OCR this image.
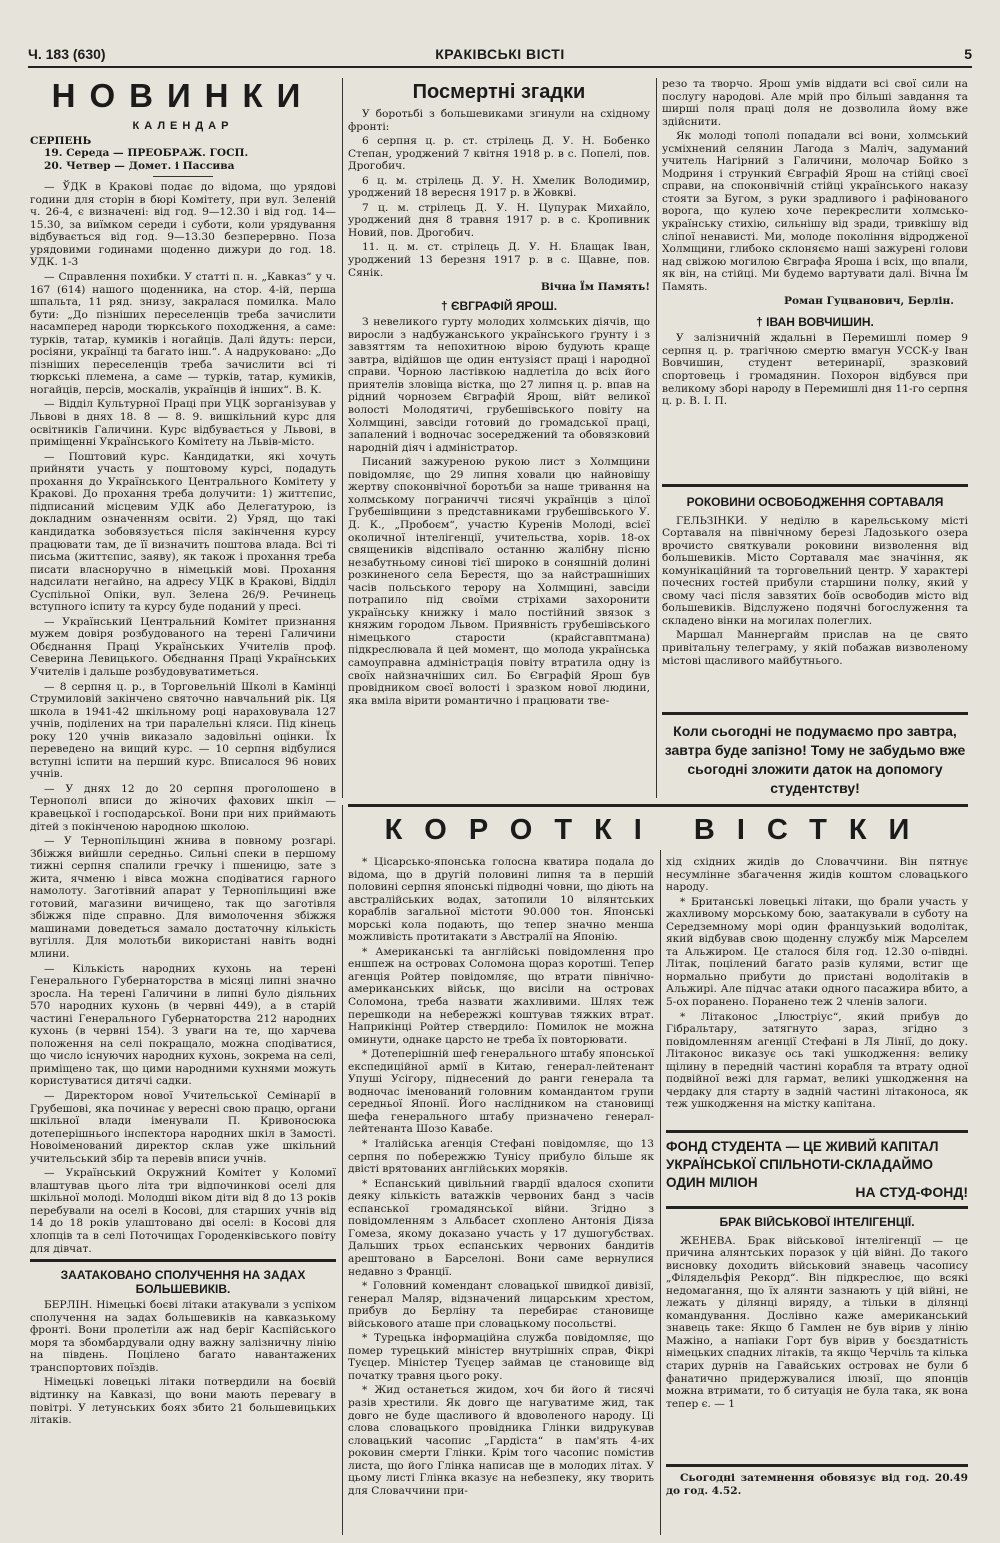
Ч. 183 (630)	КРАКІВСЬКІ ВІСТІ	5
НОВИНКИ
КАЛЕНДАР
СЕРПЕНЬ
19. Середа — ПРЕОБРАЖ. ГОСП.
20. Четвер — Домет. і Пассива

— ЎДК в Кракові подає до відома, що урядові години для сторін в бюрі Комітету, при вул. Зеленій ч. 26-4, є визначені: від год. 9—12.30 і від год. 14—15.30, за виїмком середи і суботи, коли урядування відбувається від год. 9—13.30 безперервно. Поза урядовими годинами щоденно дижури до год. 18. УДК. 1-3

— Справлення похибки. У статті п. н. „Кавказ“ у ч. 167 (614) нашого щоденника, на стор. 4-ій, перша шпальта, 11 ряд. знизу, закралася помилка. Мало бути: „До пізніших переселенців треба зачислити насамперед народи тюркського походження, а саме: турків, татар, кумиків і ногайців. Далі йдуть: перси, росіяни, українці та багато інш.“. А надруковано: „До пізніших переселенців треба зачислити всі ті тюркські племена, а саме — турків, татар, кумиків, ногайців, персів, москалів, українців й інших“. В. К.

— Відділ Культурної Праці при УЦК зорганізував у Львові в днях 18. 8 — 8. 9. вишкільний курс для освітників Галичини. Курс відбувається у Львові, в приміщенні Українського Комітету на Львів-місто.

— Поштовий курс. Кандидатки, які хочуть прийняти участь у поштовому курсі, подадуть прохання до Українського Центрального Комітету у Кракові. До прохання треба долучити: 1) життєпис, підписаний місцевим УДК або Делегатурою, із докладним означенням освіти. 2) Уряд, що такі кандидатка зобовязується після закінчення курсу працювати там, де її визначить поштова влада. Всі ті письма (життєпис, заяву), як також і прохання треба писати власноручно в німецькій мові. Прохання надсилати негайно, на адресу УЦК в Кракові, Відділ Суспільної Опіки, вул. Зелена 26/9. Речинець вступного іспиту та курсу буде поданий у пресі.

— Український Центральний Комітет признання мужем довіря розбудованого на терені Галичини Обєднання Праці Українських Учителів проф. Северина Левицького. Обєднання Праці Українських Учителів і дальше розбудовуватиметься.

— 8 серпня ц. р., в Торговельній Школі в Камінці Струмиловій закінчено святочно навчальний рік. Ця школа в 1941-42 шкільному році нараховувала 127 учнів, поділених на три паралельні кляси. Під кінець року 120 учнів виказало задовільні оцінки. Їх переведено на вищий курс. — 10 серпня відбулися вступні іспити на перший курс. Вписалося 96 нових учнів.

— У днях 12 до 20 серпня проголошено в Тернополі вписи до жіночих фахових шкіл — кравецької і господарської. Вони при них приймають дітей з покінченою народною школою.

— У Тернопільщині жнива в повному розгарі. Збіжжя вийшли середньо. Сильні спеки в першому тижні серпня спалили гречку і пшеницю, зате з жита, ячменю і вівса можна сподіватися гарного намолоту. Заготівний апарат у Тернопільщині вже готовий, магазини вичищено, так що заготівля збіжжя піде справно. Для вимолочення збіжжя машинами доведеться замало достаточну кількість вугілля. Для молотьби використані навіть водні млини.

— Кількість народних кухонь на терені Генерального Губернаторства в місяці липні значно зросла. На терені Галичини в липні було діяльних 570 народних кухонь (в червні 449), а в старій частині Генерального Губернаторства 212 народних кухонь (в червні 154). З уваги на те, що харчева положення на селі покращало, можна сподіватися, що число існуючих народних кухонь, зокрема на селі, приміщено так, що цими народними кухнями можуть користуватися дитячі садки.

— Директором нової Учительської Семінарії в Грубешові, яка починає у вересні свою працю, органи шкільної влади іменували П. Кривоносюка дотеперішнього інспектора народних шкіл в Замості. Новоіменований директор склав уже шкільний учительський збір та перевів вписи учнів.

— Український Окружний Комітет у Коломиї влаштував цього літа три відпочинкові оселі для шкільної молоді. Молодші віком діти від 8 до 13 років перебували на оселі в Косові, для старших учнів від 14 до 18 років улаштовано дві оселі: в Косові для хлопців та в селі Поточищах Городенківського повіту для дівчат.

ЗААТАКОВАНО СПОЛУЧЕННЯ НА ЗАДАХ
БОЛЬШЕВИКІВ.

БЕРЛІН. Німецькі боєві літаки атакували з успіхом сполучення на задах большевиків на кавказькому фронті. Вони пролетіли аж над беріг Каспійського моря та збомбардували одну важну залізничну лінію на південь. Поцілено багато навантажених транспортових поїздів.

Німецькі ловецькі літаки потвердили на боєвій відтинку на Кавказі, що вони мають перевагу в повітрі. У летунських боях збито 21 большевицьких літаків.

Посмертні згадки

У боротьбі з большевиками згинули на східному фронті:

6 серпня ц. р. ст. стрілець Д. У. Н. Бобенко Степан, уроджений 7 квітня 1918 р. в с. Попелі, пов. Дрогобич.

6 ц. м. стрілець Д. У. Н. Хмелик Володимир, уроджений 18 вересня 1917 р. в Жовкві.

7 ц. м. стрілець Д. У. Н. Цупурак Михайло, уроджений дня 8 травня 1917 р. в с. Кропивник Новий, пов. Дрогобич.

11. ц. м. ст. стрілець Д. У. Н. Блащак Іван, уроджений 13 березня 1917 р. в с. Щавне, пов. Сянік.

Вічна Їм Память!
† ЄВГРАФІЙ ЯРОШ.

З невеликого гурту молодих холмських діячів, що виросли з надбужанського українського ґрунту і з завзяттям та непохитною вірою будують краще завтра, відійшов ще один ентузіяст праці і народної справи. Чорною ластівкою надлетіла до всіх його приятелів зловіща вістка, що 27 липня ц. р. впав на рідний чорнозем Євграфій Ярош, війт великої волості Молодятичі, грубешівського повіту на Холмщині, завсіди готовий до громадської праці, запалений і водночас зосереджений та обовязковий народній діяч і адміністратор.

Писаний зажуреною рукою лист з Холмщини повідомляє, що 29 липня ховали цю найновішу жертву споконвічної боротьби за наше тривання на холмському пограниччі тисячі українців з цілої Грубешівщини з представниками грубешівського У. Д. К., „Пробоєм“, участю Куренів Молоді, всієї околичної інтелігенції, учительства, хорів. 18-ох священиків відспівало останню жалібну пісню незабутньому синові тієї широко в соняшній долині розкиненого села Берестя, що за найстрашніших часів польського терору на Холмщині, завсіди потрапило під своїми стріхами захоронити українську книжку і мало постійний звязок з княжим городом Львом. Приявність грубешівського німецького старости (крайсгавптмана) підкреслювала й цей момент, що молода українська самоуправна адміністрація повіту втратила одну із своїх найзначніших сил. Бо Євграфій Ярош був провідником своєї волості і зразком нової людини, яка вміла вірити романтично і працювати тве-

резо та творчо. Ярош умів віддати всі свої сили на послугу народові. Але мрій про більші завдання та ширші поля праці доля не дозволила йому вже здійснити.

Як молоді тополі попадали всі вони, холмський усміхнений селянин Лагода з Маліч, задуманий учитель Нагірний з Галичини, молочар Бойко з Модриня і стрункий Євграфій Ярош на стійці своєї справи, на споконвічній стійці українського наказу стояти за Бугом, з руки зрадливого і рафінованого ворога, що кулею хоче перекреслити холмсько-українську стихію, сильнішу від зради, тривкішу від сліпої ненависті. Ми, молоде покоління відродженої Холмщини, глибоко склоняємо наші зажурені голови над свіжою могилою Євграфа Яроша і всіх, що впали, як він, на стійці. Ми будемо вартувати далі. Вічна Їм Память.

Роман Гуцванович, Берлін.
† ІВАН ВОВЧИШИН.

У залізничній ждальні в Перемишлі помер 9 серпня ц. р. трагічною смертю вмагун УССК-у Іван Вовчишин, студент ветеринарії, зразковий спортовець і громадянин. Похорон відбувся при великому зборі народу в Перемишлі дня 11-го серпня ц. р. В. І. П.

РОКОВИНИ ОСВОБОДЖЕННЯ СОРТАВАЛЯ

ГЕЛЬЗІНКИ. У неділю в карельському місті Сортаваля на північному березі Ладозького озера врочисто святкували роковини визволення від большевиків. Місто Сортаваля має значіння, як комунікаційний та торговельний центр. У характері почесних гостей прибули старшини полку, який у свому часі після завзятих боїв освободив місто від большевиків. Відслужено подячні богослуження та складено вінки на могилах полеглих.

Маршал Маннергайм прислав на це свято привітальну телеграму, у якій побажав визволеному містові щасливого майбутнього.

Коли сьогодні не подумаємо про завтра, завтра буде запізно! Тому не забудьмо вже сьогодні зложити даток на допомогу студентству!
КОРОТКІ ВІСТКИ

* Цісарсько-японська голосна кватира подала до відома, що в другій половині липня та в першій половині серпня японські підводні човни, що діють на австралійських водах, затопили 10 вілянтських кораблів загальної містоти 90.000 тон. Японські морські кола подають, що тепер значно менша можливість протитакати з Австралії на Японію.

* Американські та англійські повідомлення про еншпеж на островах Соломона щораз коротші. Тепер агенція Ройтер повідомляє, що втрати північно-американських військ, що висіли на островах Соломона, треба назвати жахливими. Шлях теж перешкоди на небережжі коштував тяжких втрат. Наприкінці Ройтер ствердило: Помилок не можна оминути, однаке царсто не треба їх повторювати.

* Дотеперішній шеф генерального штабу японської експедиційної армії в Китаю, генерал-лейтенант Упуші Усігору, піднесений до ранги генерала та водночас іменований головним командантом групи середньої Японії. Його наслідником на становищі шефа генерального штабу призначено генерал-лейтенанта Шозо Кавабе.

* Італійська агенція Стефані повідомляє, що 13 серпня по побережжю Тунісу прибуло більше як двісті врятованих англійських моряків.

* Еспанський цивільний гвардії вдалося схопити деяку кількість ватажків червоних банд з часів еспанської громадянської війни. Згідно з повідомленням з Альбасет схоплено Антонія Діяза Гомеза, якому доказано участь у 17 душогубствах. Дальших трьох еспанських червоних бандитів арештовано в Барселоні. Вони саме вернулися недавно з Франції.

* Головний комендант словацької швидкої дивізії, генерал Маляр, відзначений лицарським хрестом, прибув до Берліну та перебирає становище військового аташе при словацькому посольстві.

* Турецька інформаційна служба повідомляє, що помер турецький міністер внутрішніх справ, Фікрі Туєцер. Міністер Туєцер займав це становище від початку травня цього року.

* Жид останеться жидом, хоч би його й тисячі разів хрестили. Як довго ще нагуватиме жид, так довго не буде щасливого й вдоволеного народу. Ці слова словацького провідника Глінки видрукував словацький часопис „Гардіста“ в пам'ять 4-их роковин смерти Глінки. Крім того часопис помістив листа, що його Глінка написав ще в молодих літах. У цьому листі Глінка вказує на небезпеку, яку творить для Словаччини при-

хід східних жидів до Словаччини. Він пятнує несумлінне збагачення жидів коштом словацького народу.

* Британські ловецькі літаки, що брали участь у жахливому морському бою, заатакували в суботу на Середземному морі один французький водолітак, який відбував свою щоденну службу між Марселем та Альжиром. Це сталося біля год. 12.30 о-півдні. Літак, поцілений багато разів кулями, встиг ще нормально прибути до пристані водолітаків в Альжирі. Але підчас атаки одного пасажира вбито, а 5-ох поранено. Поранено теж 2 членів залоги.

* Літаконос „Ілюстріус“, який прибув до Гібральтару, затягнуто зараз, згідно з повідомленням агенції Стефані в Ля Лінії, до доку. Літаконос виказує ось такі ушкодження: велику щілину в передній частині корабля та втрату одної подвійної вежі для гармат, великі ушкодження на чердаку для старту в задній частині літаконоса, як теж ушкодження на містку капітана.

ФОНД СТУДЕНТА — ЦЕ ЖИВИЙ КАПІТАЛ УКРАЇНСЬКОЇ СПІЛЬНОТИ-СКЛАДАЙМО ОДИН МІЛІОН
НА СТУД-ФОНД!
БРАК ВІЙСЬКОВОЇ ІНТЕЛІГЕНЦІЇ.

ЖЕНЕВА. Брак військової інтелігенції — це причина алянтських поразок у цій війні. До такого висновку доходить військовий знавець часопису „Філядельфія Рекорд“. Він підкреслює, що всякі недомагання, що їх алянти зазнають у цій війні, не лежать у ділянці виряду, а тільки в ділянці командування. Дослівно каже американський знавець таке: Якщо б Гамлен не був вірив у лінію Мажіно, а напіаки Горт був вірив у боєздатність німецьких спадних літаків, та якщо Черчіль та кілька старих дурнів на Гавайських островах не були б фанатично придержувалися ілюзії, що японців можна втримати, то б ситуація не була така, як вона тепер є. — 1

Сьогодні затемнення обовязує від год. 20.49 до год. 4.52.
